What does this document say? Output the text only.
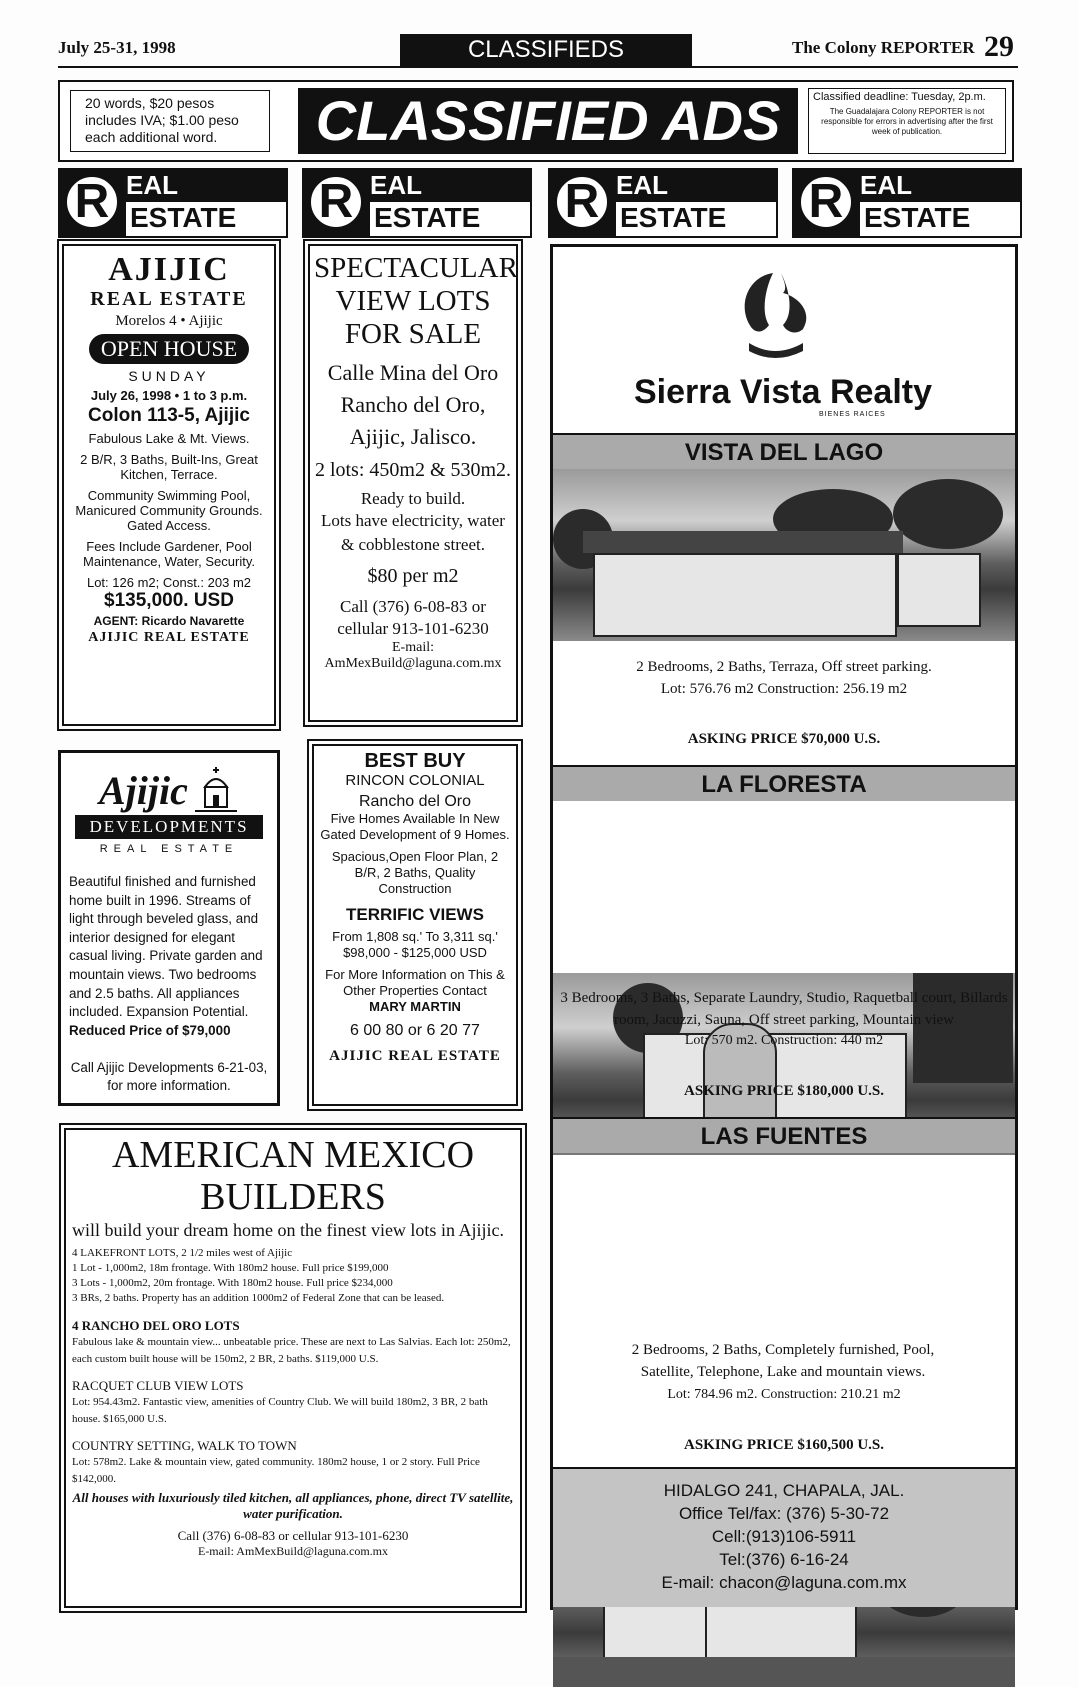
July 25-31, 1998	CLASSIFIEDS	The Colony REPORTER 29
20 words, $20 pesos includes IVA; $1.00 peso each additional word.	CLASSIFIED ADS	Classified deadline: Tuesday, 2p.m.
The Guadalajara Colony REPORTER is not responsible for errors in advertising after the first week of publication.
R EAL
ESTATE	R EAL
ESTATE	R EAL
ESTATE	R EAL
ESTATE
AJIJIC
REAL ESTATE
Morelos 4 • Ajijic
OPEN HOUSE
SUNDAY
July 26, 1998 • 1 to 3 p.m.
Colon 113-5, Ajijic
Fabulous Lake & Mt. Views.
2 B/R, 3 Baths, Built-Ins, Great Kitchen, Terrace.
Community Swimming Pool, Manicured Community Grounds. Gated Access.
Fees Include Gardener, Pool Maintenance, Water, Security.
Lot: 126 m2; Const.: 203 m2
$135,000. USD
AGENT: Ricardo Navarette
AJIJIC REAL ESTATE
SPECTACULAR VIEW LOTS FOR SALE
Calle Mina del Oro Rancho del Oro, Ajijic, Jalisco.
2 lots: 450m2 & 530m2.
Ready to build.
Lots have electricity, water & cobblestone street.
$80 per m2
Call (376) 6-08-83 or cellular 913-101-6230
E-mail:
AmMexBuild@laguna.com.mx
Ajijic
DEVELOPMENTS
REAL ESTATE
Beautiful finished and furnished home built in 1996. Streams of light through beveled glass, and interior designed for elegant casual living. Private garden and mountain views. Two bedrooms and 2.5 baths. All appliances included. Expansion Potential.
Reduced Price of $79,000
Call Ajijic Developments 6-21-03, for more information.
BEST BUY
RINCON COLONIAL
Rancho del Oro
Five Homes Available In New Gated Development of 9 Homes.
Spacious,Open Floor Plan, 2 B/R, 2 Baths, Quality Construction
TERRIFIC VIEWS
From 1,808 sq.' To 3,311 sq.' $98,000 - $125,000 USD
For More Information on This & Other Properties Contact
MARY MARTIN
6 00 80 or 6 20 77
AJIJIC REAL ESTATE
AMERICAN MEXICO
BUILDERS
will build your dream home on the finest view lots in Ajijic.
4 LAKEFRONT LOTS, 2 1/2 miles west of Ajijic
1 Lot - 1,000m2, 18m frontage. With 180m2 house. Full price $199,000
3 Lots - 1,000m2, 20m frontage. With 180m2 house. Full price $234,000
3 BRs, 2 baths. Property has an addition 1000m2 of Federal Zone that can be leased.
4 RANCHO DEL ORO LOTS
Fabulous lake & mountain view... unbeatable price. These are next to Las Salvias. Each lot: 250m2, each custom built house will be 150m2, 2 BR, 2 baths. $119,000 U.S.
RACQUET CLUB VIEW LOTS
Lot: 954.43m2. Fantastic view, amenities of Country Club. We will build 180m2, 3 BR, 2 bath house. $165,000 U.S.
COUNTRY SETTING, WALK TO TOWN
Lot: 578m2. Lake & mountain view, gated community. 180m2 house, 1 or 2 story. Full Price $142,000.
All houses with luxuriously tiled kitchen, all appliances, phone, direct TV satellite, water purification.
Call (376) 6-08-83 or cellular 913-101-6230
E-mail: AmMexBuild@laguna.com.mx
Sierra Vista Realty
BIENES RAICES
VISTA DEL LAGO
2 Bedrooms, 2 Baths, Terraza, Off street parking.
Lot: 576.76 m2 Construction: 256.19 m2
ASKING PRICE $70,000 U.S.
LA FLORESTA
3 Bedrooms, 3 Baths, Separate Laundry, Studio, Raquetball court, Billards room, Jacuzzi, Sauna, Off street parking, Mountain view
Lot: 570 m2. Construction: 440 m2
ASKING PRICE $180,000 U.S.
LAS FUENTES
2 Bedrooms, 2 Baths, Completely furnished, Pool, Satellite, Telephone, Lake and mountain views.
Lot: 784.96 m2. Construction: 210.21 m2
ASKING PRICE $160,500 U.S.
HIDALGO 241, CHAPALA, JAL.
Office Tel/fax: (376) 5-30-72
Cell:(913)106-5911
Tel:(376) 6-16-24
E-mail: chacon@laguna.com.mx
